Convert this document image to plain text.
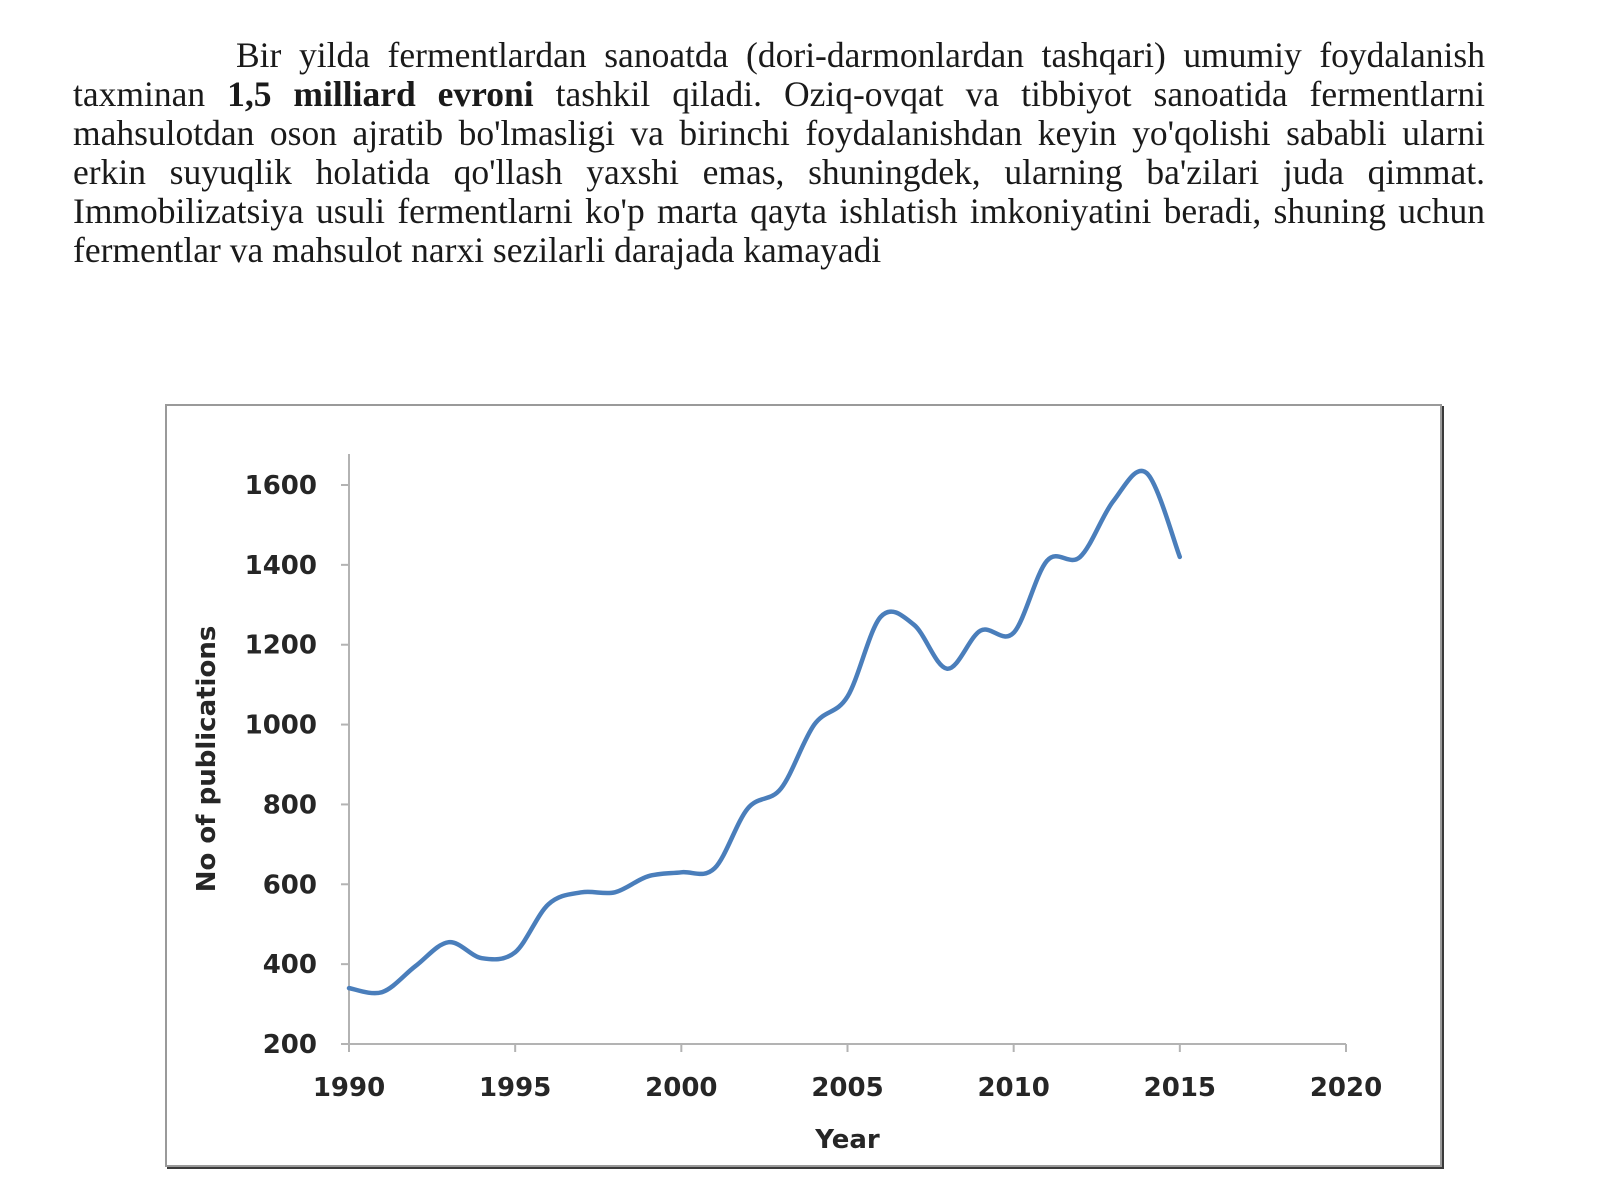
Bir yilda fermentlardan sanoatda (dori-darmonlardan tashqari) umumiy foydalanish taxminan 1,5 milliard evroni tashkil qiladi. Oziq-ovqat va tibbiyot sanoatida fermentlarni mahsulotdan oson ajratib bo'lmasligi va birinchi foydalanishdan keyin yo'qolishi sababli ularni erkin suyuqlik holatida qo'llash yaxshi emas, shuningdek, ularning ba'zilari juda qimmat. Immobilizatsiya usuli fermentlarni ko'p marta qayta ishlatish imkoniyatini beradi, shuning uchun fermentlar va mahsulot narxi sezilarli darajada kamayadi

200
400
600
800
1000
1200
1400
1600
1990	1995	2000	2005	2010	2015	2020
Year
No of publications
